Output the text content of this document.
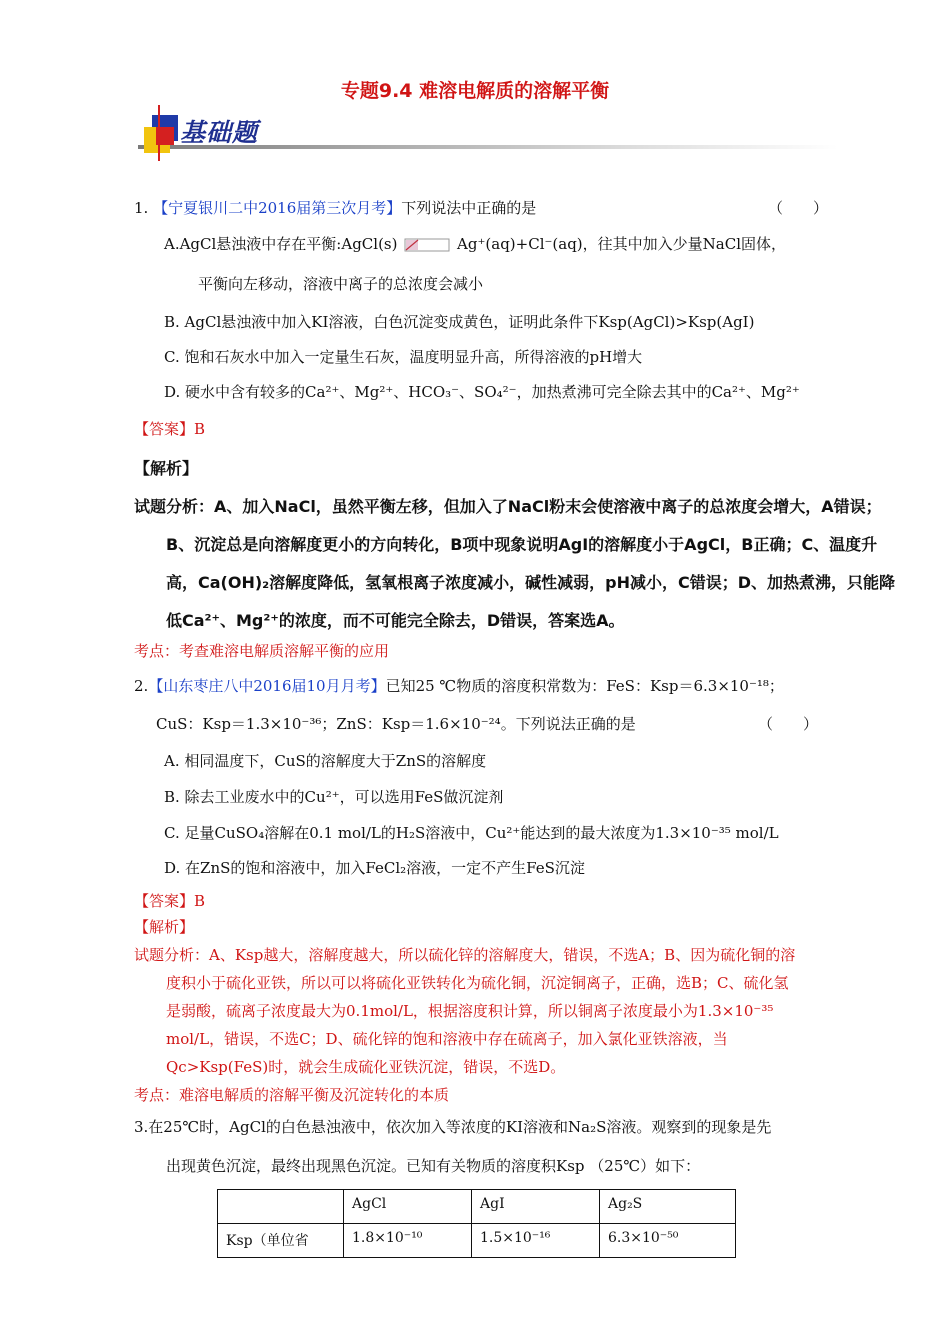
专题9.4 难溶电解质的溶解平衡
基础题
1. 【宁夏银川二中2016届第三次月考】下列说法中正确的是	（　　）
A.AgCl悬浊液中存在平衡:AgCl(s)	Ag⁺(aq)+Cl⁻(aq)，往其中加入少量NaCl固体，
平衡向左移动，溶液中离子的总浓度会减小
B. AgCl悬浊液中加入KI溶液，白色沉淀变成黄色，证明此条件下Ksp(AgCl)>Ksp(AgI)
C. 饱和石灰水中加入一定量生石灰，温度明显升高，所得溶液的pH增大
D. 硬水中含有较多的Ca²⁺、Mg²⁺、HCO₃⁻、SO₄²⁻，加热煮沸可完全除去其中的Ca²⁺、Mg²⁺
【答案】B
【解析】
试题分析：A、加入NaCl，虽然平衡左移，但加入了NaCl粉末会使溶液中离子的总浓度会增大，A错误；
B、沉淀总是向溶解度更小的方向转化，B项中现象说明AgI的溶解度小于AgCl，B正确；C、温度升
高，Ca(OH)₂溶解度降低，氢氧根离子浓度减小，碱性减弱，pH减小，C错误；D、加热煮沸，只能降
低Ca²⁺、Mg²⁺的浓度，而不可能完全除去，D错误，答案选A。
考点：考查难溶电解质溶解平衡的应用
2.【山东枣庄八中2016届10月月考】已知25 ℃物质的溶度积常数为：FeS：Ksp＝6.3×10⁻¹⁸；
CuS：Ksp＝1.3×10⁻³⁶；ZnS：Ksp＝1.6×10⁻²⁴。下列说法正确的是	（　　）
A. 相同温度下，CuS的溶解度大于ZnS的溶解度
B. 除去工业废水中的Cu²⁺，可以选用FeS做沉淀剂
C. 足量CuSO₄溶解在0.1 mol/L的H₂S溶液中，Cu²⁺能达到的最大浓度为1.3×10⁻³⁵ mol/L
D. 在ZnS的饱和溶液中，加入FeCl₂溶液，一定不产生FeS沉淀
【答案】B
【解析】
试题分析：A、Ksp越大，溶解度越大，所以硫化锌的溶解度大，错误，不选A；B、因为硫化铜的溶
度积小于硫化亚铁，所以可以将硫化亚铁转化为硫化铜，沉淀铜离子，正确，选B；C、硫化氢
是弱酸，硫离子浓度最大为0.1mol/L，根据溶度积计算，所以铜离子浓度最小为1.3×10⁻³⁵
mol/L，错误，不选C；D、硫化锌的饱和溶液中存在硫离子，加入氯化亚铁溶液，当
Qc>Ksp(FeS)时，就会生成硫化亚铁沉淀，错误，不选D。
考点：难溶电解质的溶解平衡及沉淀转化的本质
3.在25℃时，AgCl的白色悬浊液中，依次加入等浓度的KI溶液和Na₂S溶液。观察到的现象是先
出现黄色沉淀，最终出现黑色沉淀。已知有关物质的溶度积Ksp （25℃）如下：
	AgCl	AgI	Ag₂S
Ksp（单位省	1.8×10⁻¹⁰	1.5×10⁻¹⁶	6.3×10⁻⁵⁰
